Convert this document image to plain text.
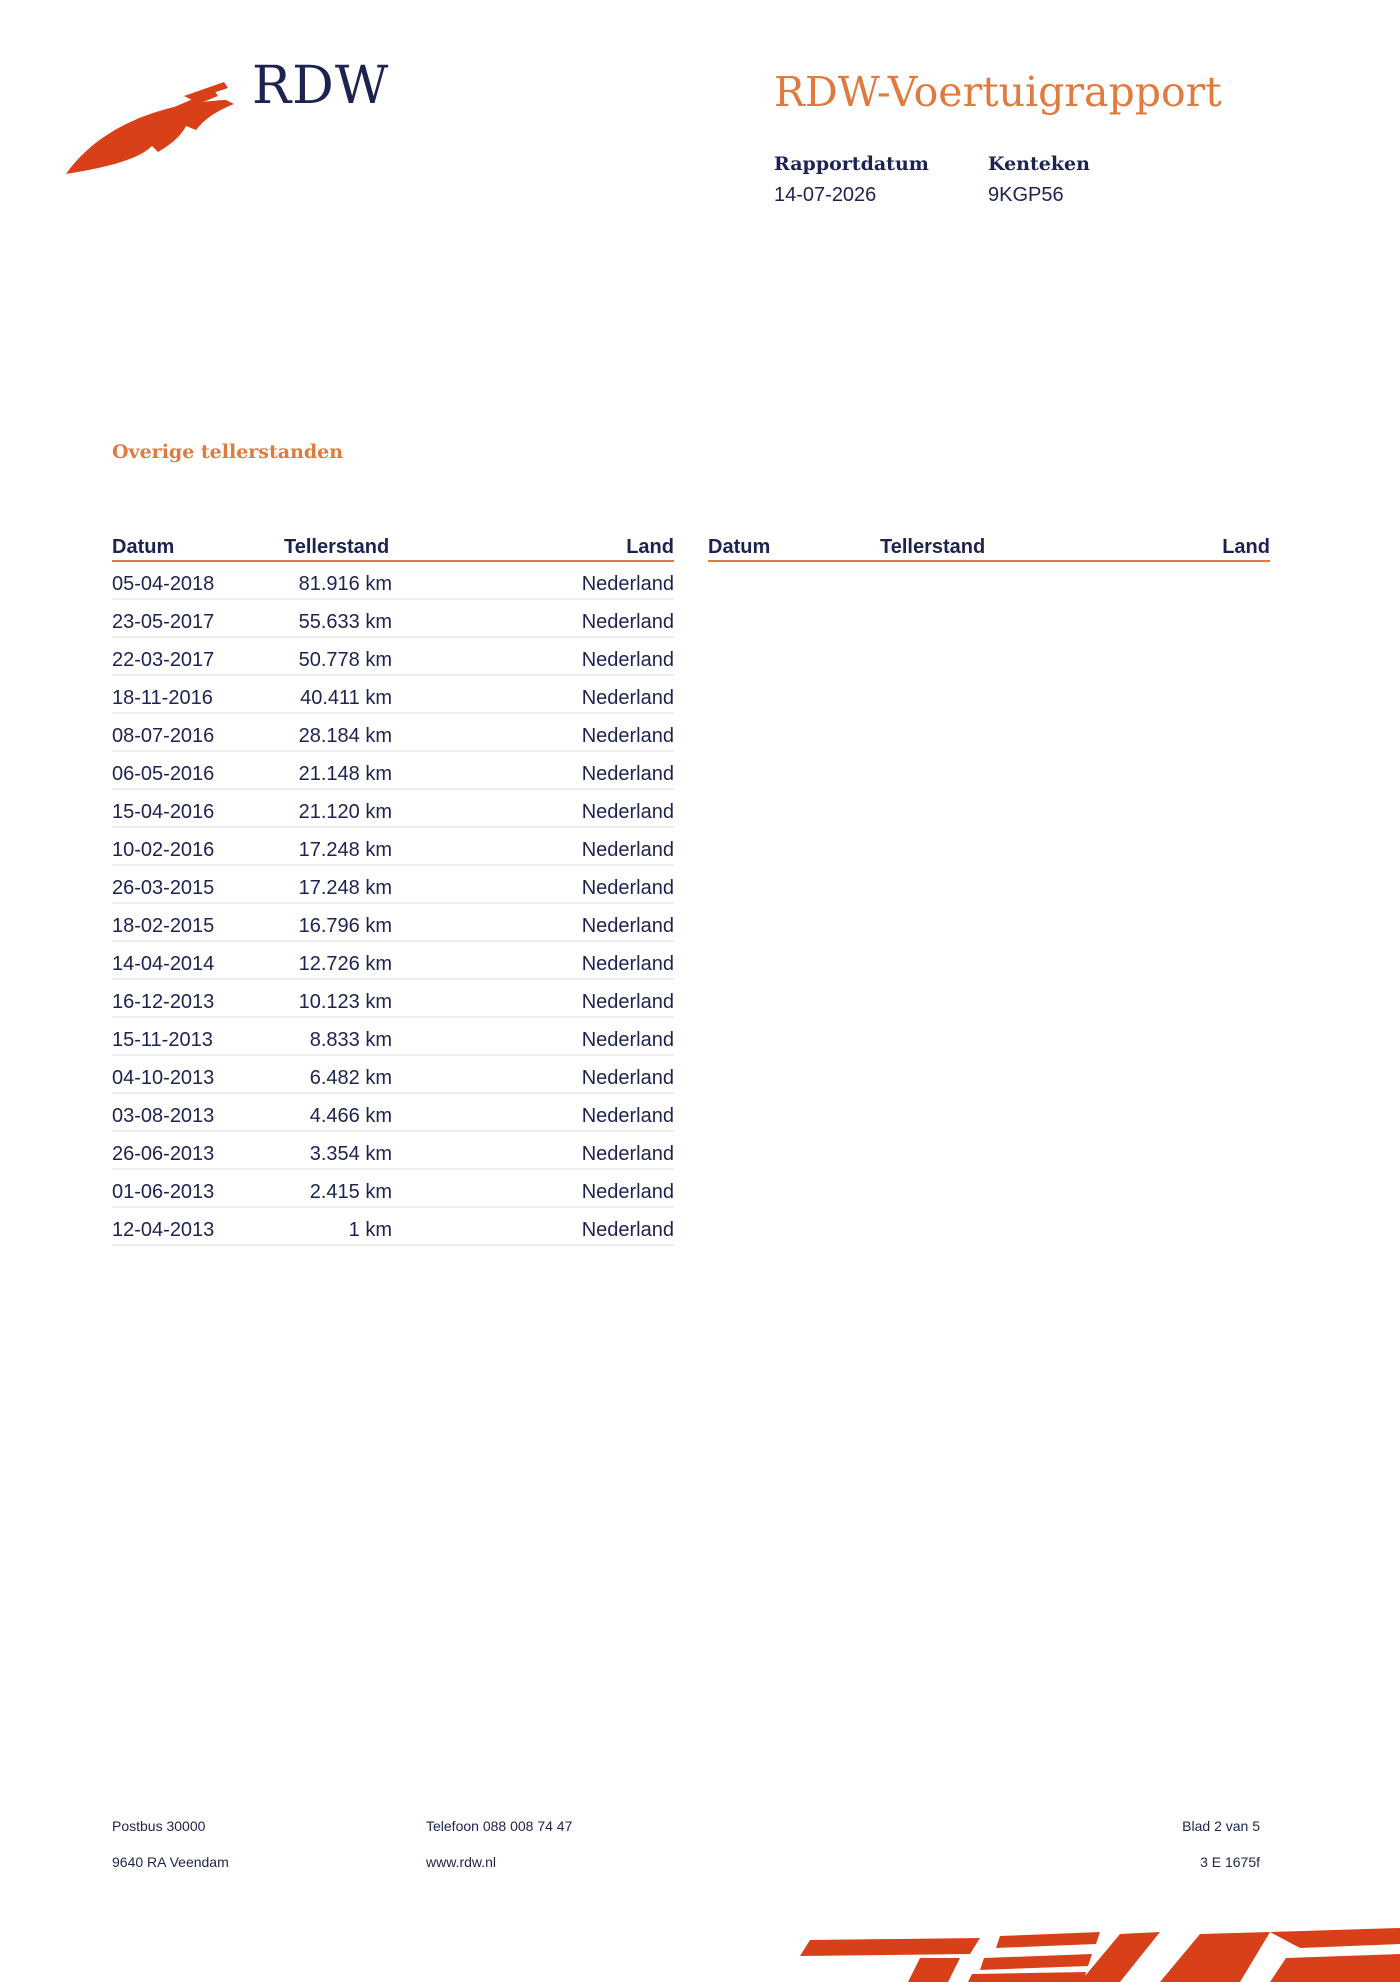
RDW	RDW-Voertuigrapport
Rapportdatum
14-07-2026
Kenteken
9KGP56
Overige tellerstanden
Datum	Tellerstand	Land
05-04-2018	81.916 km	Nederland
23-05-2017	55.633 km	Nederland
22-03-2017	50.778 km	Nederland
18-11-2016	40.411 km	Nederland
08-07-2016	28.184 km	Nederland
06-05-2016	21.148 km	Nederland
15-04-2016	21.120 km	Nederland
10-02-2016	17.248 km	Nederland
26-03-2015	17.248 km	Nederland
18-02-2015	16.796 km	Nederland
14-04-2014	12.726 km	Nederland
16-12-2013	10.123 km	Nederland
15-11-2013	8.833 km	Nederland
04-10-2013	6.482 km	Nederland
03-08-2013	4.466 km	Nederland
26-06-2013	3.354 km	Nederland
01-06-2013	2.415 km	Nederland
12-04-2013	1 km	Nederland
Datum	Tellerstand	Land
Postbus 30000
9640 RA Veendam
Telefoon 088 008 74 47
www.rdw.nl
Blad 2 van 5
3 E 1675f
